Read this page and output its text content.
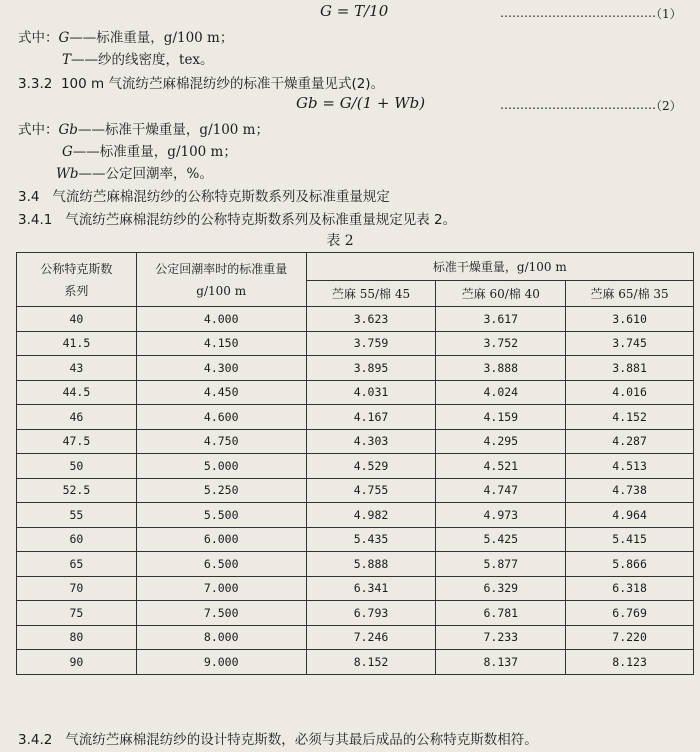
G = T/10	…………………………………
（1）
式中：G——标准重量，g/100 m；
T——纱的线密度，tex。
3.3.2 100 m 气流纺苎麻棉混纺纱的标准干燥重量见式(2)。
Gb = G/(1 + Wb)	…………………………………
（2）
式中：Gb——标准干燥重量，g/100 m；
G——标准重量，g/100 m；
Wb——公定回潮率，%。
3.4 气流纺苎麻棉混纺纱的公称特克斯数系列及标准重量规定
3.4.1 气流纺苎麻棉混纺纱的公称特克斯数系列及标准重量规定见表 2。
表 2
公称特克斯数系列	公定回潮率时的标准重量g/100 m	标准干燥重量，g/100 m		
		苎麻 55/棉 45	苎麻 60/棉 40	苎麻 65/棉 35
40	4.000	3.623	3.617	3.610
41.5	4.150	3.759	3.752	3.745
43	4.300	3.895	3.888	3.881
44.5	4.450	4.031	4.024	4.016
46	4.600	4.167	4.159	4.152
47.5	4.750	4.303	4.295	4.287
50	5.000	4.529	4.521	4.513
52.5	5.250	4.755	4.747	4.738
55	5.500	4.982	4.973	4.964
60	6.000	5.435	5.425	5.415
65	6.500	5.888	5.877	5.866
70	7.000	6.341	6.329	6.318
75	7.500	6.793	6.781	6.769
80	8.000	7.246	7.233	7.220
90	9.000	8.152	8.137	8.123
3.4.2 气流纺苎麻棉混纺纱的设计特克斯数，必须与其最后成品的公称特克斯数相符。
